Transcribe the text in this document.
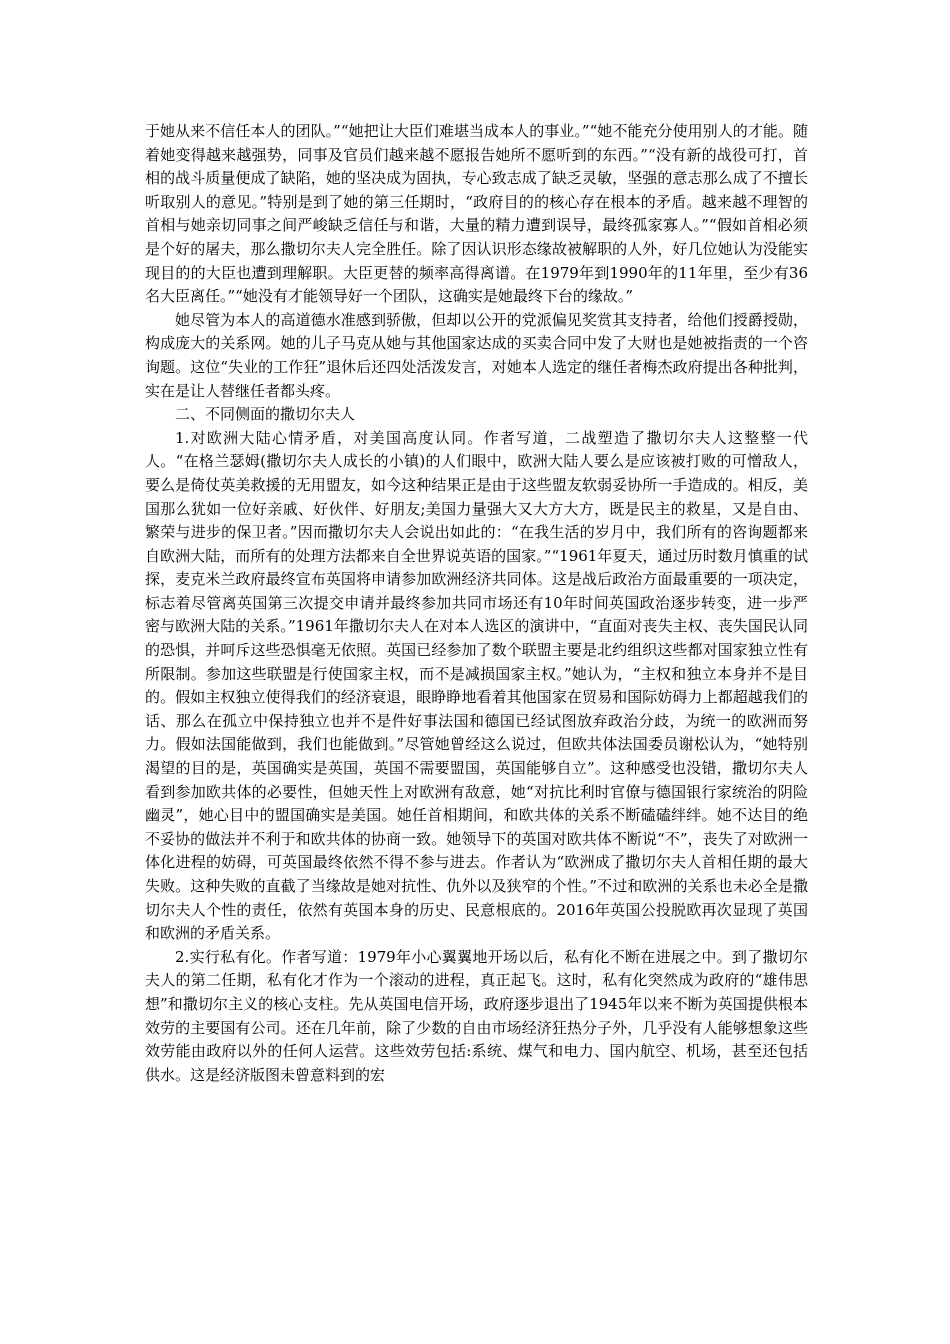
于她从来不信任本人的团队。”“她把让大臣们难堪当成本人的事业。”“她不能充分使用别人的才能。随着她变得越来越强势，同事及官员们越来越不愿报告她所不愿听到的东西。”“没有新的战役可打，首相的战斗质量便成了缺陷，她的坚决成为固执，专心致志成了缺乏灵敏，坚强的意志那么成了不擅长听取别人的意见。”特别是到了她的第三任期时，“政府目的的核心存在根本的矛盾。越来越不理智的首相与她亲切同事之间严峻缺乏信任与和谐，大量的精力遭到误导，最终孤家寡人。”“假如首相必须是个好的屠夫，那么撒切尔夫人完全胜任。除了因认识形态缘故被解职的人外，好几位她认为没能实现目的的大臣也遭到理解职。大臣更替的频率高得离谱。在1979年到1990年的11年里，至少有36名大臣离任。”“她没有才能领导好一个团队，这确实是她最终下台的缘故。”

她尽管为本人的高道德水准感到骄傲，但却以公开的党派偏见奖赏其支持者，给他们授爵授勋，构成庞大的关系网。她的儿子马克从她与其他国家达成的买卖合同中发了大财也是她被指责的一个咨询题。这位“失业的工作狂”退休后还四处活泼发言，对她本人选定的继任者梅杰政府提出各种批判，实在是让人替继任者都头疼。

二、不同侧面的撒切尔夫人

1.对欧洲大陆心情矛盾，对美国高度认同。作者写道，二战塑造了撒切尔夫人这整整一代人。“在格兰瑟姆(撒切尔夫人成长的小镇)的人们眼中，欧洲大陆人要么是应该被打败的可憎敌人，要么是倚仗英美救援的无用盟友，如今这种结果正是由于这些盟友软弱妥协所一手造成的。相反，美国那么犹如一位好亲戚、好伙伴、好朋友;美国力量强大又大方大方，既是民主的救星，又是自由、繁荣与进步的保卫者。”因而撒切尔夫人会说出如此的：“在我生活的岁月中，我们所有的咨询题都来自欧洲大陆，而所有的处理方法都来自全世界说英语的国家。”“1961年夏天，通过历时数月慎重的试探，麦克米兰政府最终宣布英国将申请参加欧洲经济共同体。这是战后政治方面最重要的一项决定，标志着尽管离英国第三次提交申请并最终参加共同市场还有10年时间英国政治逐步转变，进一步严密与欧洲大陆的关系。”1961年撒切尔夫人在对本人选区的演讲中，“直面对丧失主权、丧失国民认同的恐惧，并呵斥这些恐惧毫无依照。英国已经参加了数个联盟主要是北约组织这些都对国家独立性有所限制。参加这些联盟是行使国家主权，而不是减损国家主权。”她认为，“主权和独立本身并不是目的。假如主权独立使得我们的经济衰退，眼睁睁地看着其他国家在贸易和国际妨碍力上都超越我们的话、那么在孤立中保持独立也并不是件好事法国和德国已经试图放弃政治分歧，为统一的欧洲而努力。假如法国能做到，我们也能做到。”尽管她曾经这么说过，但欧共体法国委员谢松认为，“她特别渴望的目的是，英国确实是英国，英国不需要盟国，英国能够自立”。这种感受也没错，撒切尔夫人看到参加欧共体的必要性，但她天性上对欧洲有敌意，她“对抗比利时官僚与德国银行家统治的阴险幽灵”，她心目中的盟国确实是美国。她任首相期间，和欧共体的关系不断磕磕绊绊。她不达目的绝不妥协的做法并不利于和欧共体的协商一致。她领导下的英国对欧共体不断说“不”，丧失了对欧洲一体化进程的妨碍，可英国最终依然不得不参与进去。作者认为“欧洲成了撒切尔夫人首相任期的最大失败。这种失败的直截了当缘故是她对抗性、仇外以及狭窄的个性。”不过和欧洲的关系也未必全是撒切尔夫人个性的责任，依然有英国本身的历史、民意根底的。2016年英国公投脱欧再次显现了英国和欧洲的矛盾关系。

2.实行私有化。作者写道：1979年小心翼翼地开场以后，私有化不断在进展之中。到了撒切尔夫人的第二任期，私有化才作为一个滚动的进程，真正起飞。这时，私有化突然成为政府的“雄伟思想”和撒切尔主义的核心支柱。先从英国电信开场，政府逐步退出了1945年以来不断为英国提供根本效劳的主要国有公司。还在几年前，除了少数的自由市场经济狂热分子外，几乎没有人能够想象这些效劳能由政府以外的任何人运营。这些效劳包括:系统、煤气和电力、国内航空、机场，甚至还包括供水。这是经济版图未曾意料到的宏
